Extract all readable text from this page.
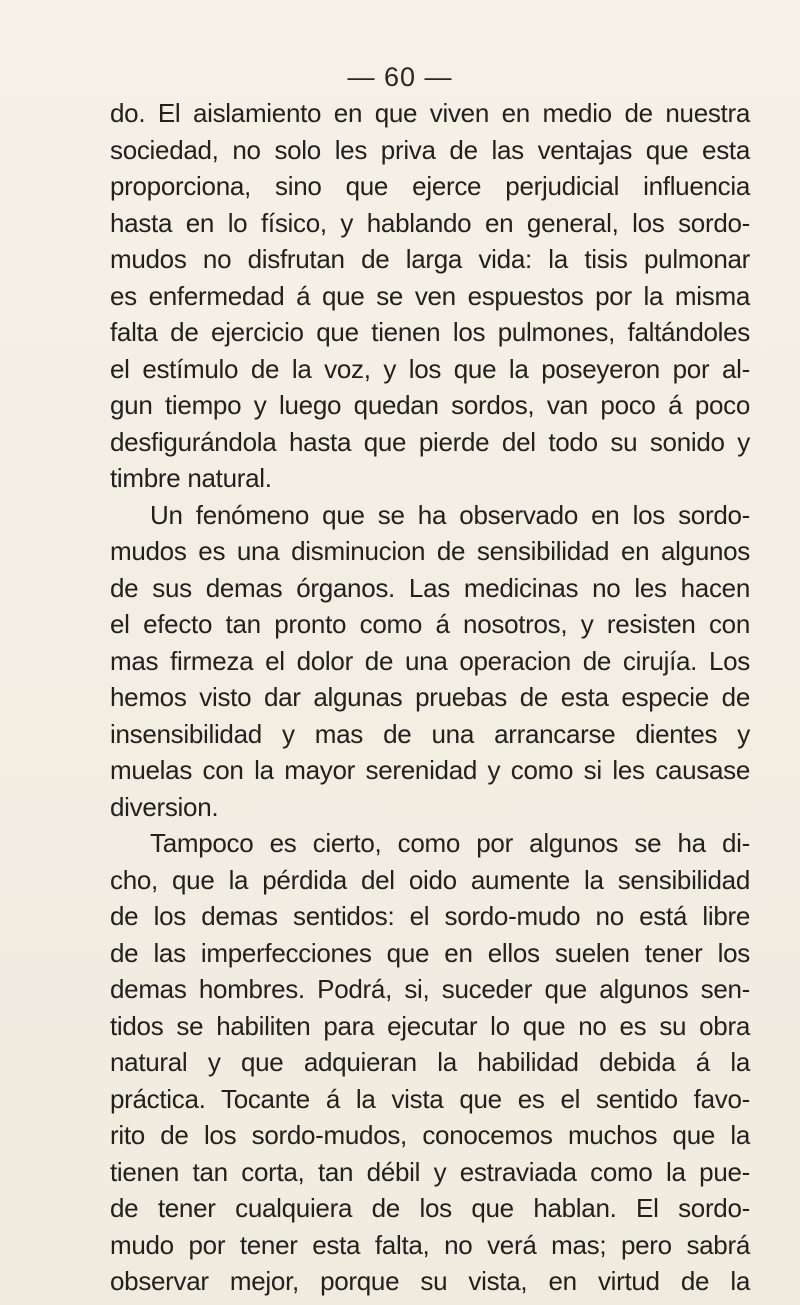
— 60 —
do. El aislamiento en que viven en medio de nuestra
sociedad, no solo les priva de las ventajas que esta
proporciona, sino que ejerce perjudicial influencia
hasta en lo físico, y hablando en general, los sordo-
mudos no disfrutan de larga vida: la tisis pulmonar
es enfermedad á que se ven espuestos por la misma
falta de ejercicio que tienen los pulmones, faltándoles
el estímulo de la voz, y los que la poseyeron por al-
gun tiempo y luego quedan sordos, van poco á poco
desfigurándola hasta que pierde del todo su sonido y
timbre natural.
Un fenómeno que se ha observado en los sordo-
mudos es una disminucion de sensibilidad en algunos
de sus demas órganos. Las medicinas no les hacen
el efecto tan pronto como á nosotros, y resisten con
mas firmeza el dolor de una operacion de cirujía. Los
hemos visto dar algunas pruebas de esta especie de
insensibilidad y mas de una arrancarse dientes y
muelas con la mayor serenidad y como si les causase
diversion.
Tampoco es cierto, como por algunos se ha di-
cho, que la pérdida del oido aumente la sensibilidad
de los demas sentidos: el sordo-mudo no está libre
de las imperfecciones que en ellos suelen tener los
demas hombres. Podrá, si, suceder que algunos sen-
tidos se habiliten para ejecutar lo que no es su obra
natural y que adquieran la habilidad debida á la
práctica. Tocante á la vista que es el sentido favo-
rito de los sordo-mudos, conocemos muchos que la
tienen tan corta, tan débil y estraviada como la pue-
de tener cualquiera de los que hablan. El sordo-
mudo por tener esta falta, no verá mas; pero sabrá
observar mejor, porque su vista, en virtud de la
